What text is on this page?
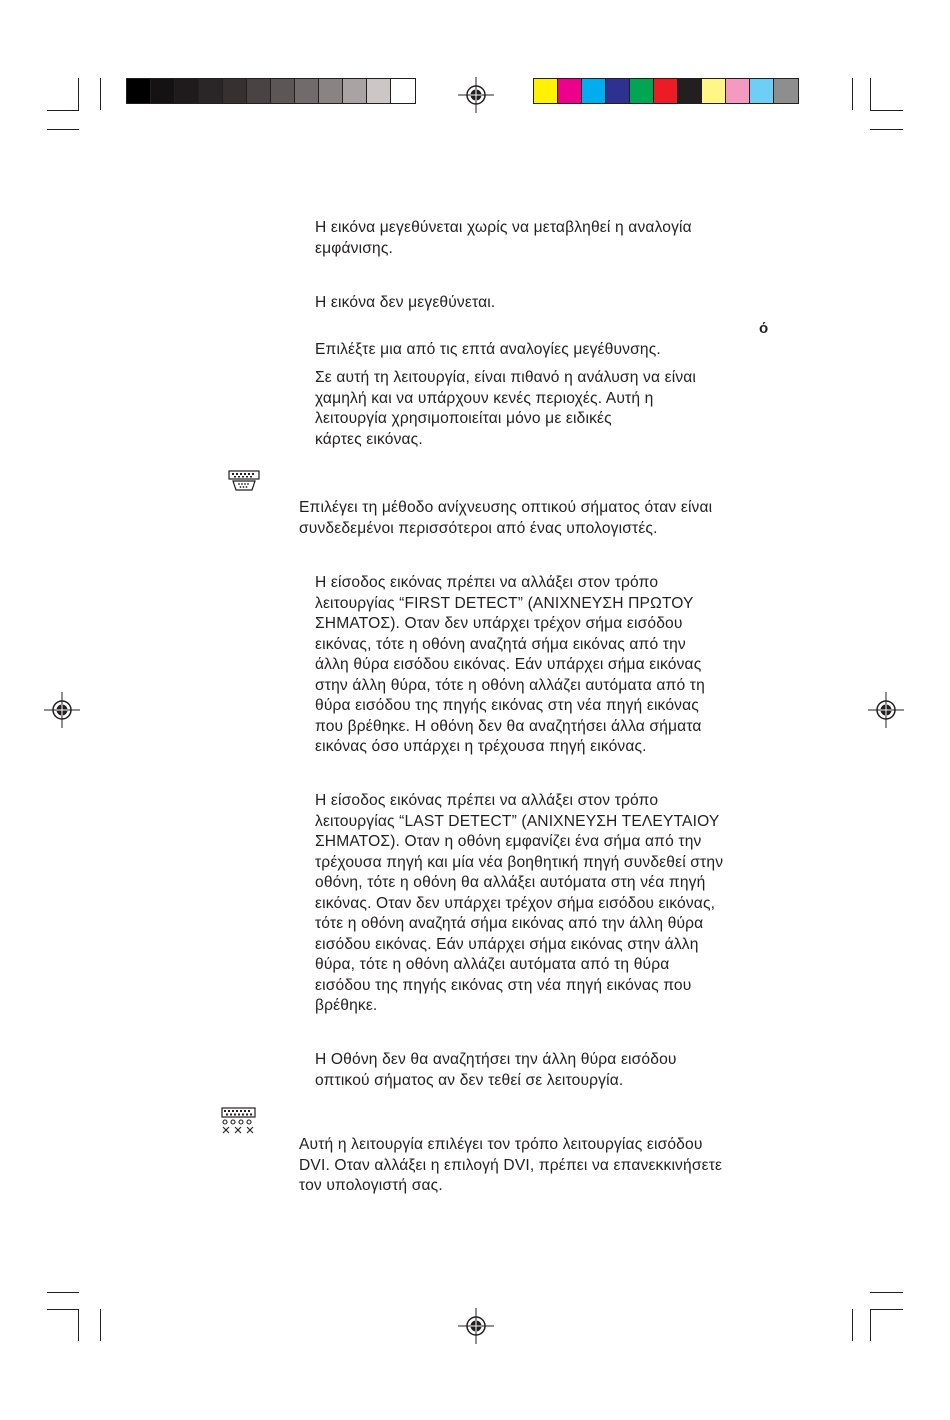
Η εικόνα μεγεθύνεται χωρίς να μεταβληθεί η αναλογία
εμφάνισης.

Η εικόνα δεν μεγεθύνεται.

ό

Επιλέξτε μια από τις επτά αναλογίες μεγέθυνσης.

Σε αυτή τη λειτουργία, είναι πιθανό η ανάλυση να είναι
χαμηλή και να υπάρχουν κενές περιοχές. Αυτή η
λειτουργία χρησιμοποιείται μόνο με ειδικές
κάρτες εικόνας.

Επιλέγει τη μέθοδο ανίχνευσης οπτικού σήματος όταν είναι
συνδεδεμένοι περισσότεροι από ένας υπολογιστές.

Η είσοδος εικόνας πρέπει να αλλάξει στον τρόπο
λειτουργίας “FIRST DETECT” (ΑΝΙΧΝΕΥΣΗ ΠΡΩΤΟΥ
ΣΗΜΑΤΟΣ). Οταν δεν υπάρχει τρέχον σήμα εισόδου
εικόνας, τότε η οθόνη αναζητά σήμα εικόνας από την
άλλη θύρα εισόδου εικόνας. Εάν υπάρχει σήμα εικόνας
στην άλλη θύρα, τότε η οθόνη αλλάζει αυτόματα από τη
θύρα εισόδου της πηγής εικόνας στη νέα πηγή εικόνας
που βρέθηκε. Η οθόνη δεν θα αναζητήσει άλλα σήματα
εικόνας όσο υπάρχει η τρέχουσα πηγή εικόνας.

Η είσοδος εικόνας πρέπει να αλλάξει στον τρόπο
λειτουργίας “LAST DETECT” (ΑΝΙΧΝΕΥΣΗ ΤΕΛΕΥΤΑΙΟΥ
ΣΗΜΑΤΟΣ). Οταν η οθόνη εμφανίζει ένα σήμα από την
τρέχουσα πηγή και μία νέα βοηθητική πηγή συνδεθεί στην
οθόνη, τότε η οθόνη θα αλλάξει αυτόματα στη νέα πηγή
εικόνας. Οταν δεν υπάρχει τρέχον σήμα εισόδου εικόνας,
τότε η οθόνη αναζητά σήμα εικόνας από την άλλη θύρα
εισόδου εικόνας. Εάν υπάρχει σήμα εικόνας στην άλλη
θύρα, τότε η οθόνη αλλάζει αυτόματα από τη θύρα
εισόδου της πηγής εικόνας στη νέα πηγή εικόνας που
βρέθηκε.

Η Οθόνη δεν θα αναζητήσει την άλλη θύρα εισόδου
οπτικού σήματος αν δεν τεθεί σε λειτουργία.

Αυτή η λειτουργία επιλέγει τον τρόπο λειτουργίας εισόδου
DVI. Οταν αλλάξει η επιλογή DVI, πρέπει να επανεκκινήσετε
τον υπολογιστή σας.
